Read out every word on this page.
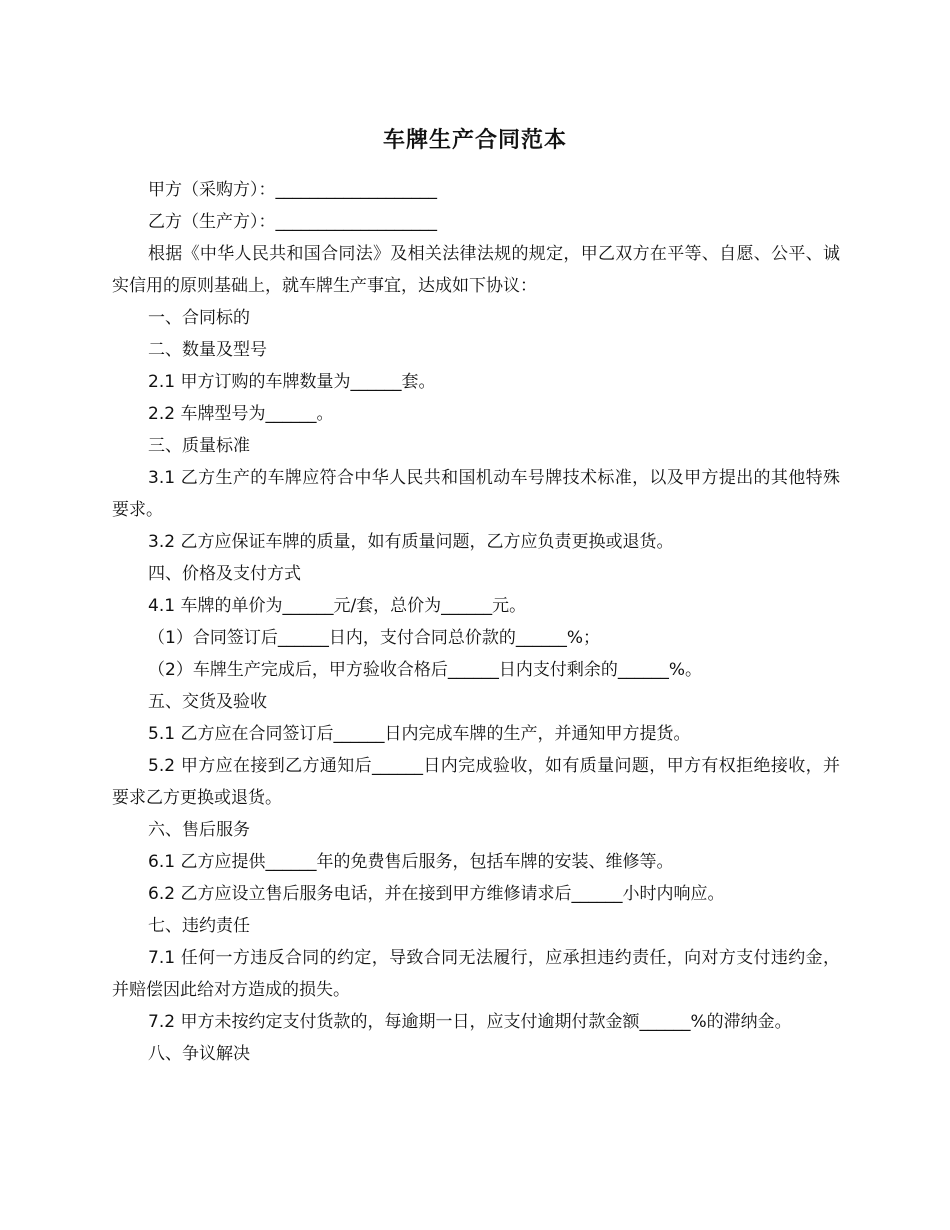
车牌生产合同范本

甲方（采购方）：___________________

乙方（生产方）：___________________

根据《中华人民共和国合同法》及相关法律法规的规定，甲乙双方在平等、自愿、公平、诚实信用的原则基础上，就车牌生产事宜，达成如下协议：

一、合同标的

二、数量及型号

2.1 甲方订购的车牌数量为______套。

2.2 车牌型号为______。

三、质量标准

3.1 乙方生产的车牌应符合中华人民共和国机动车号牌技术标准，以及甲方提出的其他特殊要求。

3.2 乙方应保证车牌的质量，如有质量问题，乙方应负责更换或退货。

四、价格及支付方式

4.1 车牌的单价为______元/套，总价为______元。

（1）合同签订后______日内，支付合同总价款的______%；

（2）车牌生产完成后，甲方验收合格后______日内支付剩余的______%。

五、交货及验收

5.1 乙方应在合同签订后______日内完成车牌的生产，并通知甲方提货。

5.2 甲方应在接到乙方通知后______日内完成验收，如有质量问题，甲方有权拒绝接收，并要求乙方更换或退货。

六、售后服务

6.1 乙方应提供______年的免费售后服务，包括车牌的安装、维修等。

6.2 乙方应设立售后服务电话，并在接到甲方维修请求后______小时内响应。

七、违约责任

7.1 任何一方违反合同的约定，导致合同无法履行，应承担违约责任，向对方支付违约金，并赔偿因此给对方造成的损失。

7.2 甲方未按约定支付货款的，每逾期一日，应支付逾期付款金额______%的滞纳金。

八、争议解决
